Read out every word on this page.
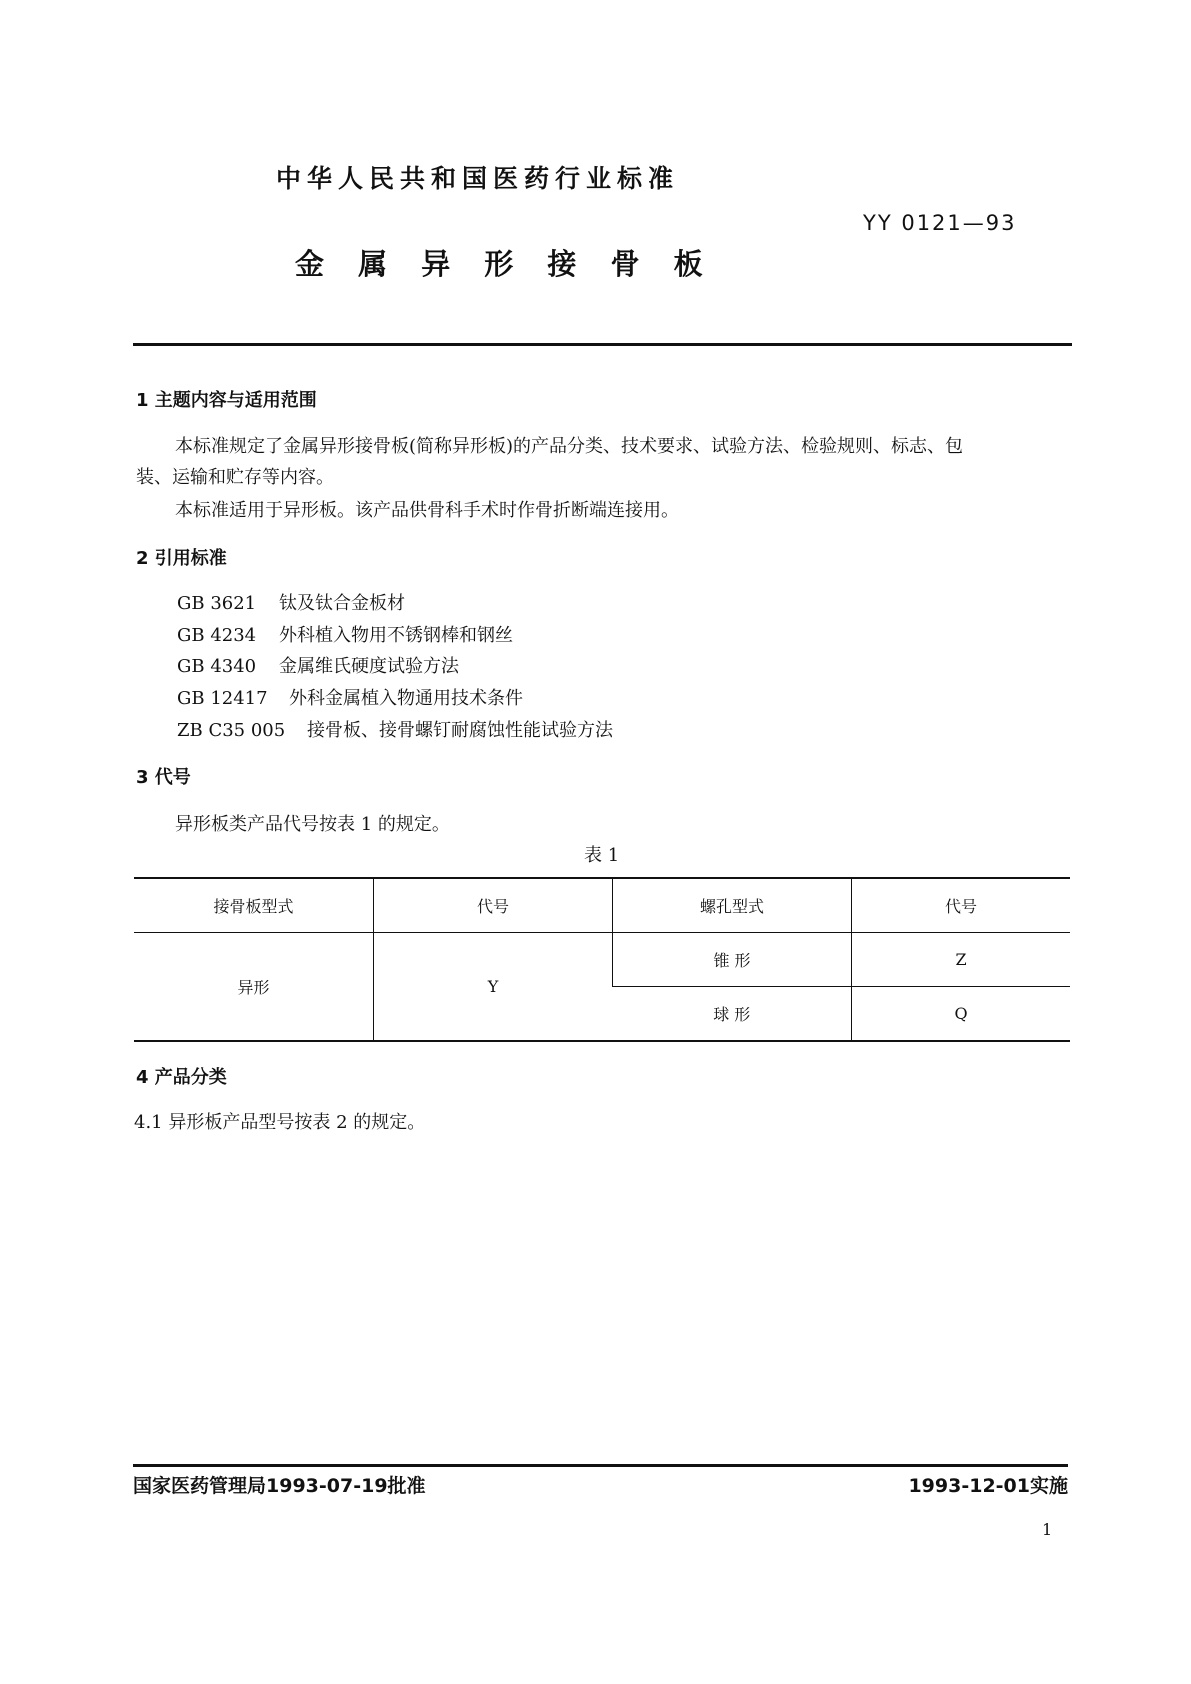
中华人民共和国医药行业标准
YY 0121—93
金 属 异 形 接 骨 板
1 主题内容与适用范围
本标准规定了金属异形接骨板(简称异形板)的产品分类、技术要求、试验方法、检验规则、标志、包
装、运输和贮存等内容。
本标准适用于异形板。该产品供骨科手术时作骨折断端连接用。
2 引用标准
GB 3621 钛及钛合金板材
GB 4234 外科植入物用不锈钢棒和钢丝
GB 4340 金属维氏硬度试验方法
GB 12417 外科金属植入物通用技术条件
ZB C35 005 接骨板、接骨螺钉耐腐蚀性能试验方法
3 代号
异形板类产品代号按表 1 的规定。
表 1
接骨板型式	代号	螺孔型式	代号
异形	Y	锥 形	Z
		球 形	Q
4 产品分类
4.1 异形板产品型号按表 2 的规定。
国家医药管理局1993-07-19批准	1993-12-01实施
1
